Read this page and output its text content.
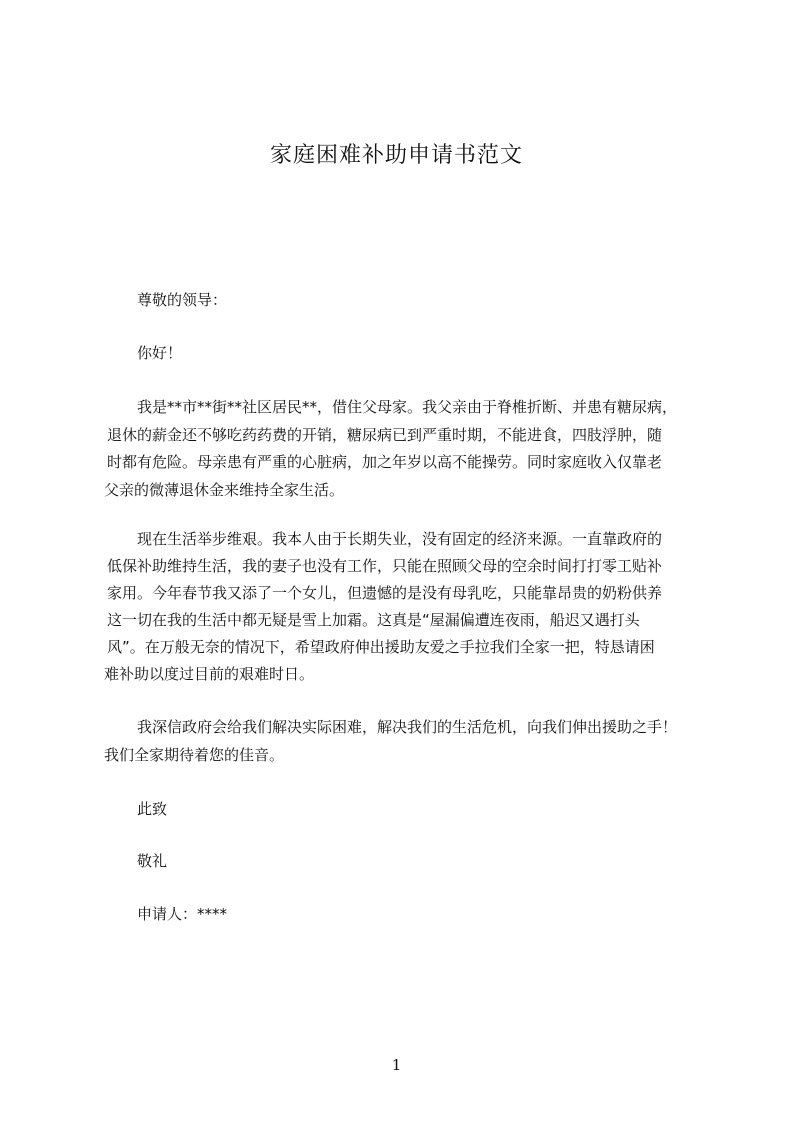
家庭困难补助申请书范文
尊敬的领导：
你好！
我是**市**街**社区居民**，借住父母家。我父亲由于脊椎折断、并患有糖尿病，
退休的薪金还不够吃药药费的开销，糖尿病已到严重时期，不能进食，四肢浮肿，随
时都有危险。母亲患有严重的心脏病，加之年岁以高不能操劳。同时家庭收入仅靠老
父亲的微薄退休金来维持全家生活。
现在生活举步维艰。我本人由于长期失业，没有固定的经济来源。一直靠政府的
低保补助维持生活，我的妻子也没有工作，只能在照顾父母的空余时间打打零工贴补
家用。今年春节我又添了一个女儿，但遗憾的是没有母乳吃，只能靠昂贵的奶粉供养
这一切在我的生活中都无疑是雪上加霜。这真是“屋漏偏遭连夜雨，船迟又遇打头
风”。在万般无奈的情况下，希望政府伸出援助友爱之手拉我们全家一把，特恳请困
难补助以度过目前的艰难时日。
我深信政府会给我们解决实际困难，解决我们的生活危机，向我们伸出援助之手！
我们全家期待着您的佳音。
此致
敬礼
申请人：****
1
